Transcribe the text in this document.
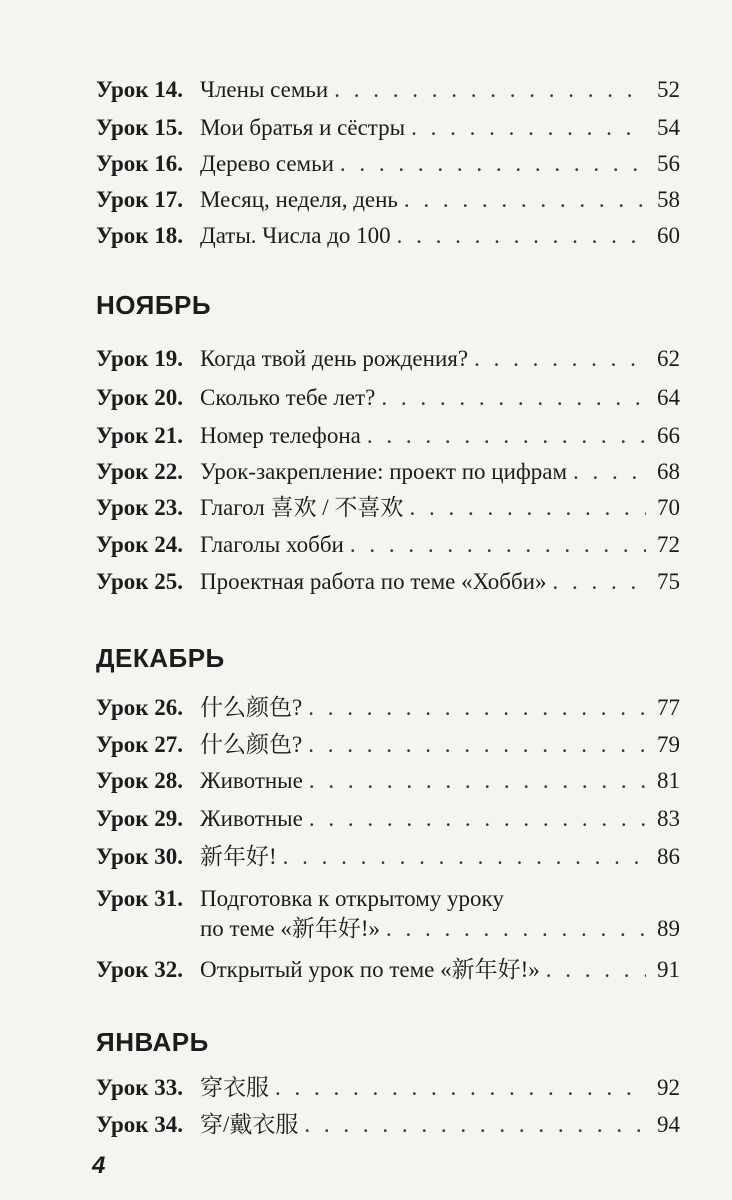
Урок 14. Члены семьи . . .	52
Урок 15. Мои братья и сёстры . . .	54
Урок 16. Дерево семьи . . .	56
Урок 17. Месяц, неделя, день . . .	58
Урок 18. Даты. Числа до 100 . . .	60
НОЯБРЬ
Урок 19. Когда твой день рождения? . . .	62
Урок 20. Сколько тебе лет? . . .	64
Урок 21. Номер телефона . . .	66
Урок 22. Урок-закрепление: проект по цифрам . . .	68
Урок 23. Глагол 喜欢 / 不喜欢 . . .	70
Урок 24. Глаголы хобби . . .	72
Урок 25. Проектная работа по теме «Хобби» . . .	75
ДЕКАБРЬ
Урок 26. 什么颜色? . . .	77
Урок 27. 什么颜色? . . .	79
Урок 28. Животные . . .	81
Урок 29. Животные . . .	83
Урок 30. 新年好! . . .	86
Урок 31. Подготовка к открытому уроку
по теме «新年好!» . . .	89
Урок 32. Открытый урок по теме «新年好!» . . .	91
ЯНВАРЬ
Урок 33. 穿衣服 . . .	92
Урок 34. 穿/戴衣服 . . .	94
4
